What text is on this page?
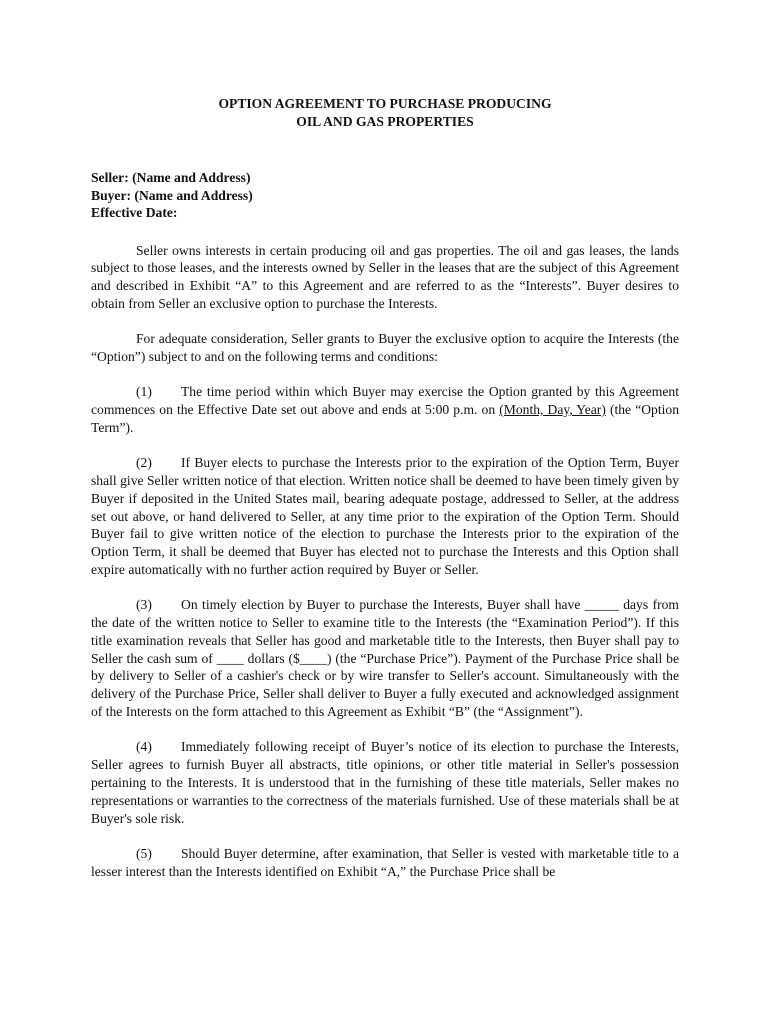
OPTION AGREEMENT TO PURCHASE PRODUCING
OIL AND GAS PROPERTIES
Seller: (Name and Address)
Buyer: (Name and Address)
Effective Date:

Seller owns interests in certain producing oil and gas properties. The oil and gas leases, the lands subject to those leases, and the interests owned by Seller in the leases that are the subject of this Agreement and described in Exhibit “A” to this Agreement and are referred to as the “Interests”. Buyer desires to obtain from Seller an exclusive option to purchase the Interests.

For adequate consideration, Seller grants to Buyer the exclusive option to acquire the Interests (the “Option”) subject to and on the following terms and conditions:

(1) The time period within which Buyer may exercise the Option granted by this Agreement commences on the Effective Date set out above and ends at 5:00 p.m. on (Month, Day, Year) (the “Option Term”).

(2) If Buyer elects to purchase the Interests prior to the expiration of the Option Term, Buyer shall give Seller written notice of that election. Written notice shall be deemed to have been timely given by Buyer if deposited in the United States mail, bearing adequate postage, addressed to Seller, at the address set out above, or hand delivered to Seller, at any time prior to the expiration of the Option Term. Should Buyer fail to give written notice of the election to purchase the Interests prior to the expiration of the Option Term, it shall be deemed that Buyer has elected not to purchase the Interests and this Option shall expire automatically with no further action required by Buyer or Seller.

(3) On timely election by Buyer to purchase the Interests, Buyer shall have _____ days from the date of the written notice to Seller to examine title to the Interests (the “Examination Period”). If this title examination reveals that Seller has good and marketable title to the Interests, then Buyer shall pay to Seller the cash sum of ____ dollars ($____) (the “Purchase Price”). Payment of the Purchase Price shall be by delivery to Seller of a cashier's check or by wire transfer to Seller's account. Simultaneously with the delivery of the Purchase Price, Seller shall deliver to Buyer a fully executed and acknowledged assignment of the Interests on the form attached to this Agreement as Exhibit “B” (the “Assignment”).

(4) Immediately following receipt of Buyer’s notice of its election to purchase the Interests, Seller agrees to furnish Buyer all abstracts, title opinions, or other title material in Seller's possession pertaining to the Interests. It is understood that in the furnishing of these title materials, Seller makes no representations or warranties to the correctness of the materials furnished. Use of these materials shall be at Buyer's sole risk.

(5) Should Buyer determine, after examination, that Seller is vested with marketable title to a lesser interest than the Interests identified on Exhibit “A,” the Purchase Price shall be
